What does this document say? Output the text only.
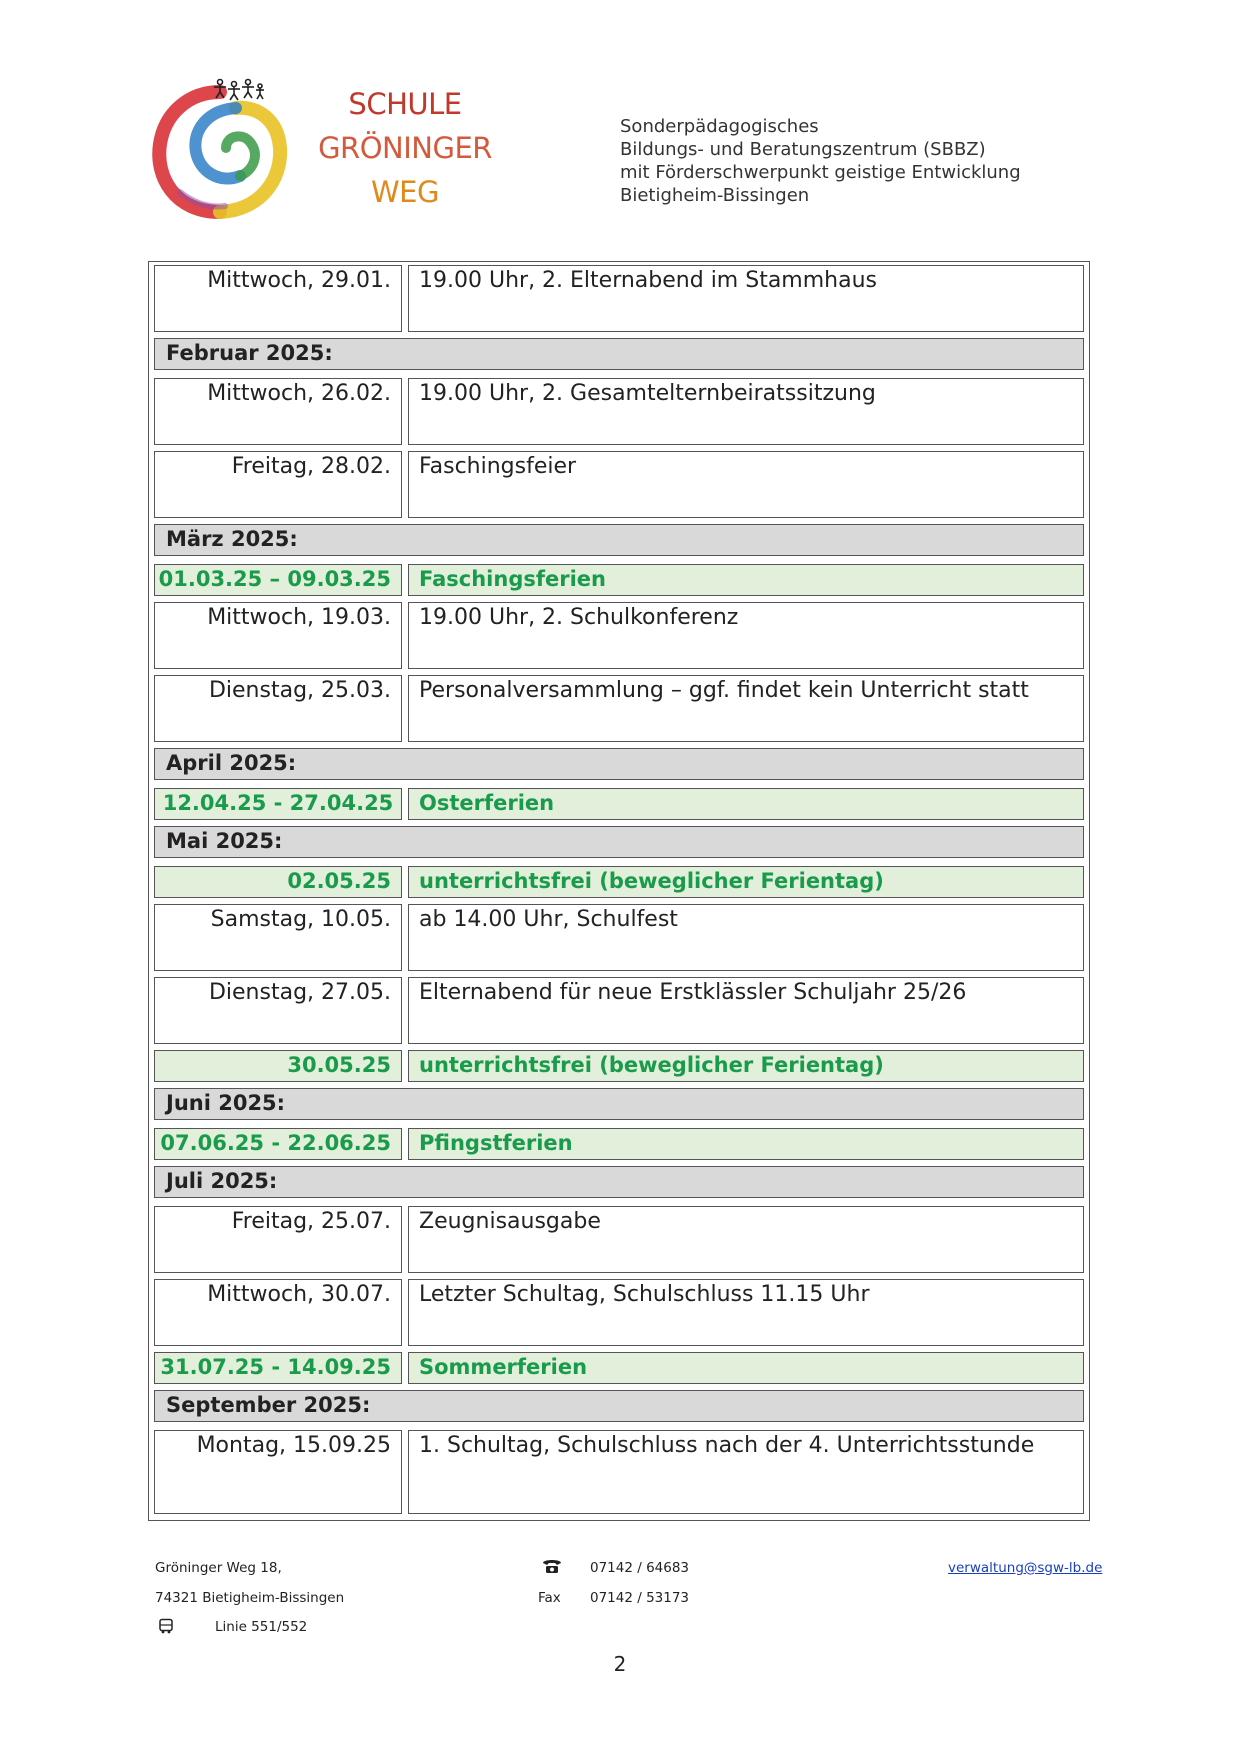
SCHULE
GRÖNINGER
WEG
Sonderpädagogisches
Bildungs- und Beratungszentrum (SBBZ)
mit Förderschwerpunkt geistige Entwicklung
Bietigheim-Bissingen
Mittwoch, 29.01.	19.00 Uhr, 2. Elternabend im Stammhaus
Februar 2025:
Mittwoch, 26.02.	19.00 Uhr, 2. Gesamtelternbeiratssitzung
Freitag, 28.02.	Faschingsfeier
März 2025:
01.03.25 – 09.03.25	Faschingsferien
Mittwoch, 19.03.	19.00 Uhr, 2. Schulkonferenz
Dienstag, 25.03.	Personalversammlung – ggf. findet kein Unterricht statt
April 2025:
12.04.25 - 27.04.25	Osterferien
Mai 2025:
02.05.25	unterrichtsfrei (beweglicher Ferientag)
Samstag, 10.05.	ab 14.00 Uhr, Schulfest
Dienstag, 27.05.	Elternabend für neue Erstklässler Schuljahr 25/26
30.05.25	unterrichtsfrei (beweglicher Ferientag)
Juni 2025:
07.06.25 - 22.06.25	Pfingstferien
Juli 2025:
Freitag, 25.07.	Zeugnisausgabe
Mittwoch, 30.07.	Letzter Schultag, Schulschluss 11.15 Uhr
31.07.25 - 14.09.25	Sommerferien
September 2025:
Montag, 15.09.25	1. Schultag, Schulschluss nach der 4. Unterrichtsstunde
Gröninger Weg 18,
74321 Bietigheim-Bissingen
Linie 551/552
07142 / 64683
Fax 07142 / 53173
verwaltung@sgw-lb.de
2
